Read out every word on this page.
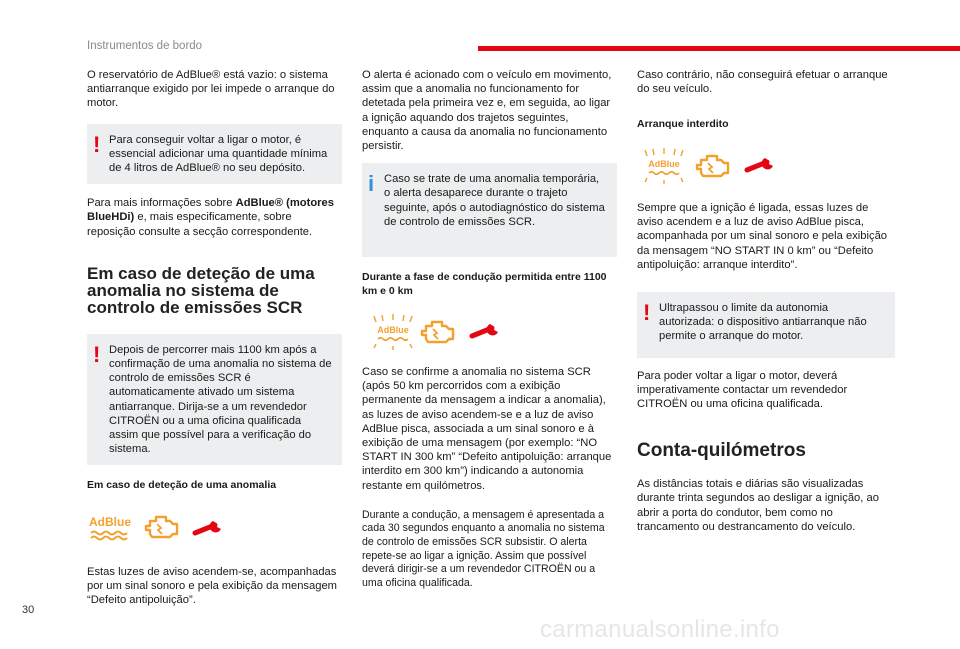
Instrumentos de bordo

O reservatório de AdBlue® está vazio: o sistema antiarranque exigido por lei impede o arranque do motor.

! Para conseguir voltar a ligar o motor, é essencial adicionar uma quantidade mínima de 4 litros de AdBlue® no seu depósito.

Para mais informações sobre AdBlue® (motores BlueHDi) e, mais especificamente, sobre reposição consulte a secção correspondente.

Em caso de deteção de uma anomalia no sistema de controlo de emissões SCR
! Depois de percorrer mais 1100 km após a confirmação de uma anomalia no sistema de controlo de emissões SCR é automaticamente ativado um sistema antiarranque. Dirija-se a um revendedor CITROËN ou a uma oficina qualificada assim que possível para a verificação do sistema.

Em caso de deteção de uma anomalia
AdBlue

Estas luzes de aviso acendem-se, acompanhadas por um sinal sonoro e pela exibição da mensagem “Defeito antipoluição”.

O alerta é acionado com o veículo em movimento, assim que a anomalia no funcionamento for detetada pela primeira vez e, em seguida, ao ligar a ignição aquando dos trajetos seguintes, enquanto a causa da anomalia no funcionamento persistir.

i Caso se trate de uma anomalia temporária, o alerta desaparece durante o trajeto seguinte, após o autodiagnóstico do sistema de controlo de emissões SCR.

Durante a fase de condução permitida entre 1100 km e 0 km
AdBlue

Caso se confirme a anomalia no sistema SCR (após 50 km percorridos com a exibição permanente da mensagem a indicar a anomalia), as luzes de aviso acendem-se e a luz de aviso AdBlue pisca, associada a um sinal sonoro e à exibição de uma mensagem (por exemplo: “NO START IN 300 km” “Defeito antipoluição: arranque interdito em 300 km”) indicando a autonomia restante em quilómetros.

Durante a condução, a mensagem é apresentada a cada 30 segundos enquanto a anomalia no sistema de controlo de emissões SCR subsistir. O alerta repete-se ao ligar a ignição. Assim que possível deverá dirigir-se a um revendedor CITROËN ou a uma oficina qualificada.

Caso contrário, não conseguirá efetuar o arranque do seu veículo.

Arranque interdito
AdBlue

Sempre que a ignição é ligada, essas luzes de aviso acendem e a luz de aviso AdBlue pisca, acompanhada por um sinal sonoro e pela exibição da mensagem “NO START IN 0 km” ou “Defeito antipoluição: arranque interdito”.

! Ultrapassou o limite da autonomia autorizada: o dispositivo antiarranque não permite o arranque do motor.

Para poder voltar a ligar o motor, deverá imperativamente contactar um revendedor CITROËN ou uma oficina qualificada.

Conta-quilómetros

As distâncias totais e diárias são visualizadas durante trinta segundos ao desligar a ignição, ao abrir a porta do condutor, bem como no trancamento ou destrancamento do veículo.

30
carmanualsonline.info
